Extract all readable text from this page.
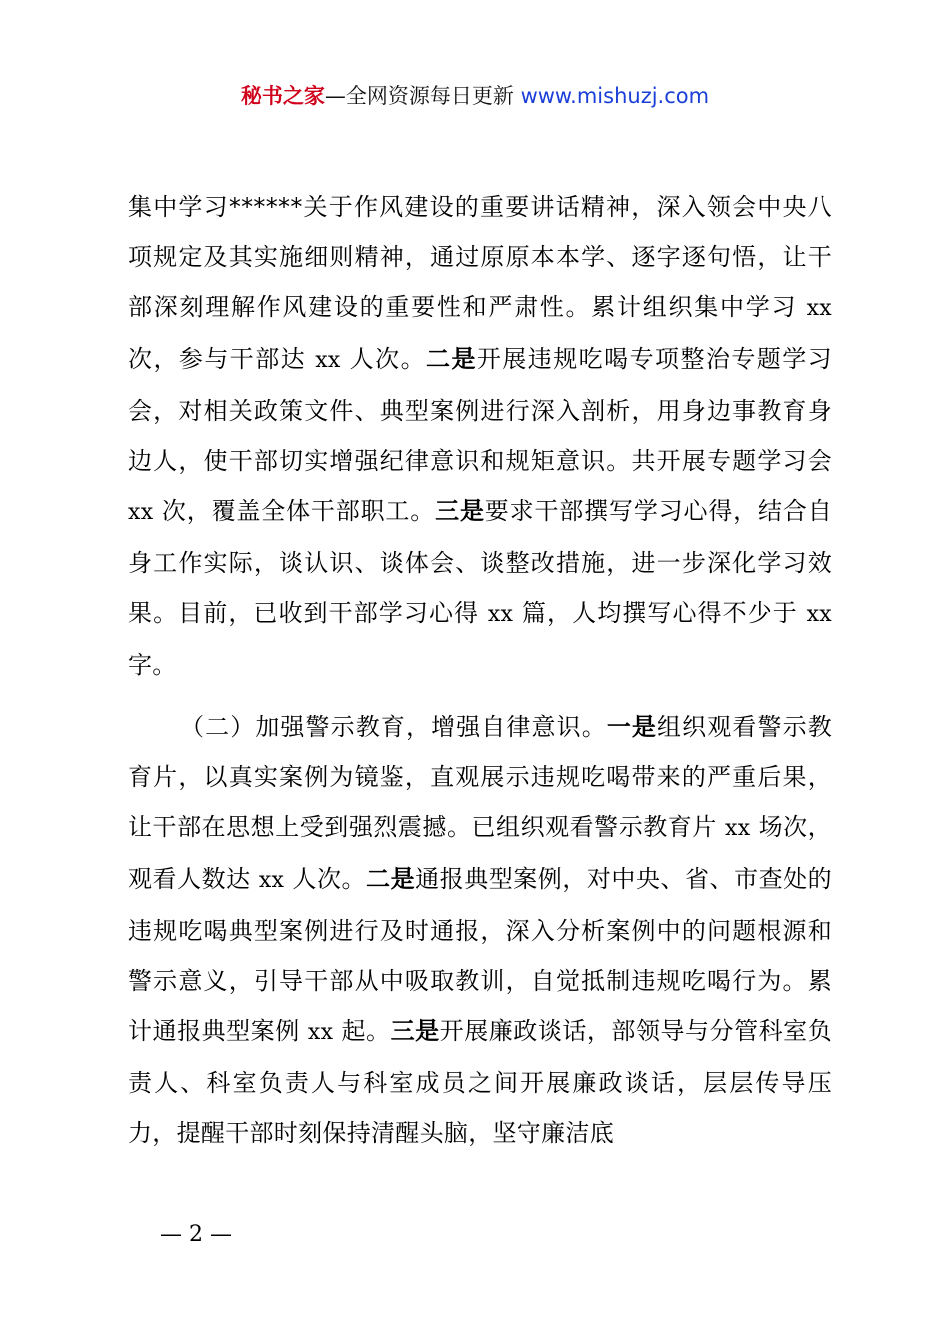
秘书之家—全网资源每日更新 www.mishuzj.com

集中学习******关于作风建设的重要讲话精神，深入领会中央八项规定及其实施细则精神，通过原原本本学、逐字逐句悟，让干部深刻理解作风建设的重要性和严肃性。累计组织集中学习 xx 次，参与干部达 xx 人次。二是开展违规吃喝专项整治专题学习会，对相关政策文件、典型案例进行深入剖析，用身边事教育身边人，使干部切实增强纪律意识和规矩意识。共开展专题学习会 xx 次，覆盖全体干部职工。三是要求干部撰写学习心得，结合自身工作实际，谈认识、谈体会、谈整改措施，进一步深化学习效果。目前，已收到干部学习心得 xx 篇，人均撰写心得不少于 xx 字。

（二）加强警示教育，增强自律意识。一是组织观看警示教育片，以真实案例为镜鉴，直观展示违规吃喝带来的严重后果，让干部在思想上受到强烈震撼。已组织观看警示教育片 xx 场次，观看人数达 xx 人次。二是通报典型案例，对中央、省、市查处的违规吃喝典型案例进行及时通报，深入分析案例中的问题根源和警示意义，引导干部从中吸取教训，自觉抵制违规吃喝行为。累计通报典型案例 xx 起。三是开展廉政谈话，部领导与分管科室负责人、科室负责人与科室成员之间开展廉政谈话，层层传导压力，提醒干部时刻保持清醒头脑，坚守廉洁底

— 2 —
